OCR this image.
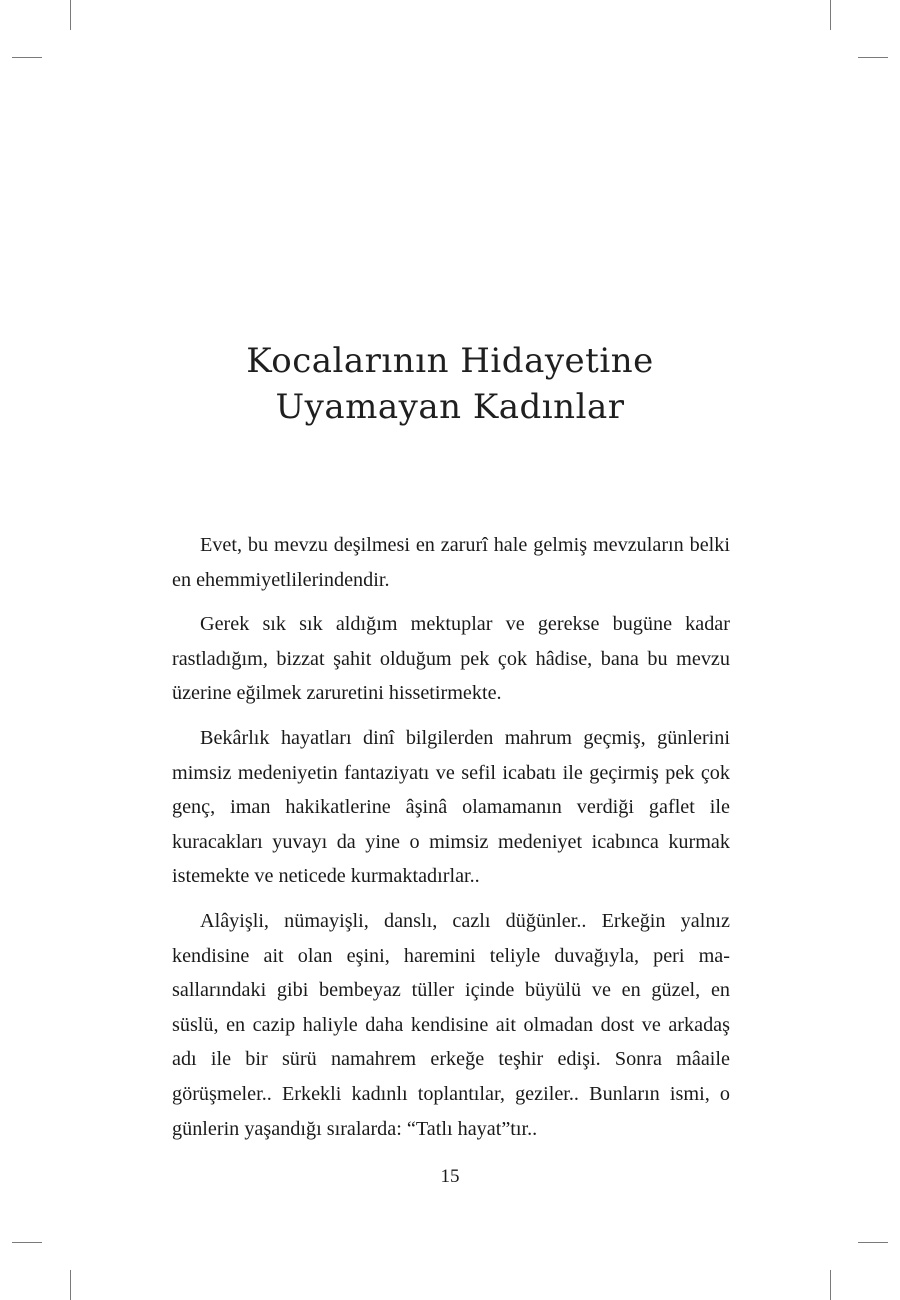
Kocalarının Hidayetine
Uyamayan Kadınlar

Evet, bu mevzu deşilmesi en zarurî hale gelmiş mevzuların belki en ehemmiyetlilerindendir.

Gerek sık sık aldığım mektuplar ve gerekse bugüne kadar rastladığım, bizzat şahit olduğum pek çok hâdise, bana bu mevzu üzerine eğilmek zaruretini hissetirmekte.

Bekârlık hayatları dinî bilgilerden mahrum geçmiş, günlerini mimsiz medeniyetin fantaziyatı ve sefil icabatı ile geçirmiş pek çok genç, iman hakikatlerine âşinâ olamamanın verdiği gaflet ile kuracakları yuvayı da yine o mimsiz medeniyet icabınca kurmak istemekte ve neticede kurmaktadırlar..

Alâyişli, nümayişli, danslı, cazlı düğünler.. Erkeğin yalnız kendisine ait olan eşini, haremini teliyle duvağıyla, peri masallarındaki gibi bembeyaz tüller içinde büyülü ve en güzel, en süslü, en cazip haliyle daha kendisine ait olmadan dost ve arkadaş adı ile bir sürü namahrem erkeğe teşhir edişi. Sonra mâaile görüşmeler.. Erkekli kadınlı toplantılar, geziler.. Bunların ismi, o günlerin yaşandığı sıralarda: “Tatlı hayat”tır..

15
